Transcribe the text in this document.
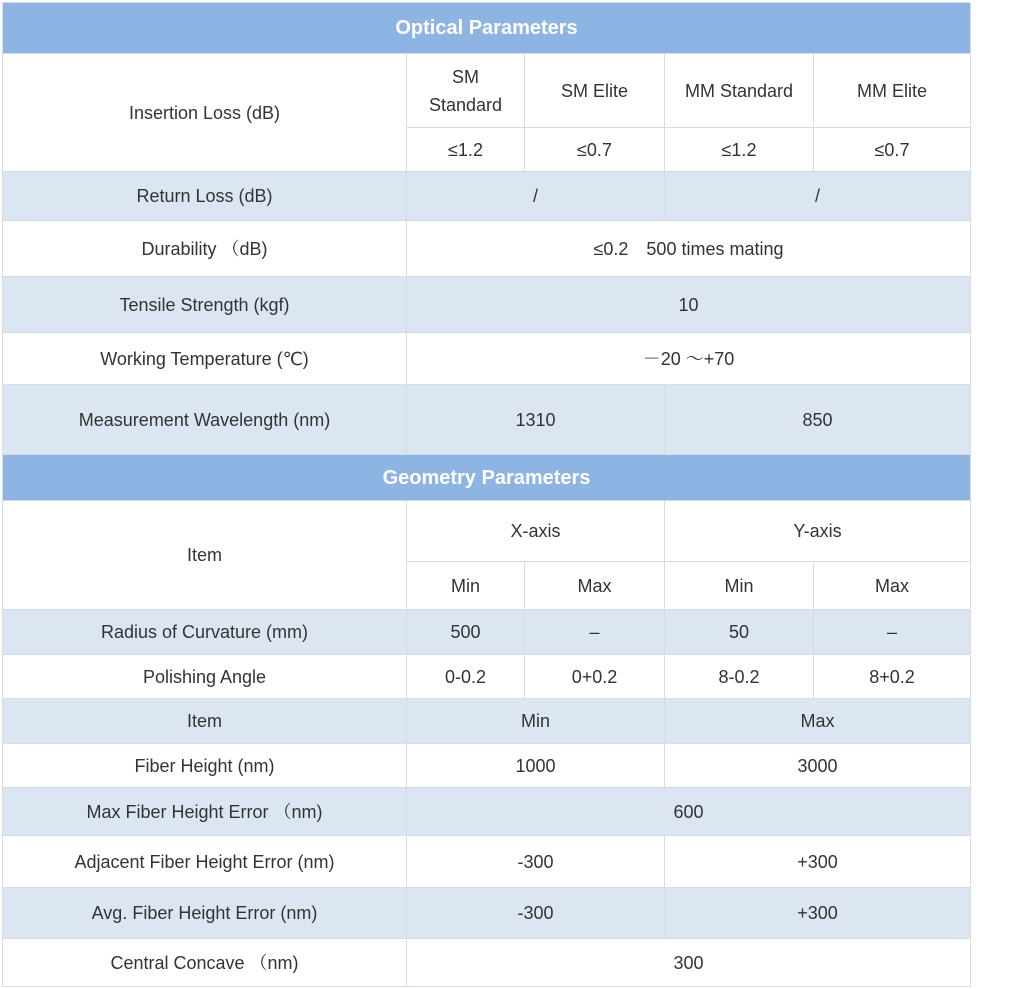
Optical Parameters				
Insertion Loss (dB)	SM Standard	SM Elite	MM Standard	MM Elite
	≤1.2	≤0.7	≤1.2	≤0.7
Return Loss (dB)	/		/	
Durability （dB)	≤0.2　500 times mating			
Tensile Strength (kgf)	10			
Working Temperature (℃)	－20 ～+70			
Measurement Wavelength (nm)	1310		850	
Geometry Parameters				
Item	X-axis		Y-axis	
	Min	Max	Min	Max
Radius of Curvature (mm)	500	–	50	–
Polishing Angle	0-0.2	0+0.2	8-0.2	8+0.2
Item	Min		Max	
Fiber Height (nm)	1000		3000	
Max Fiber Height Error （nm)	600			
Adjacent Fiber Height Error (nm)	-300		+300	
Avg. Fiber Height Error (nm)	-300		+300	
Central Concave （nm)	300			
